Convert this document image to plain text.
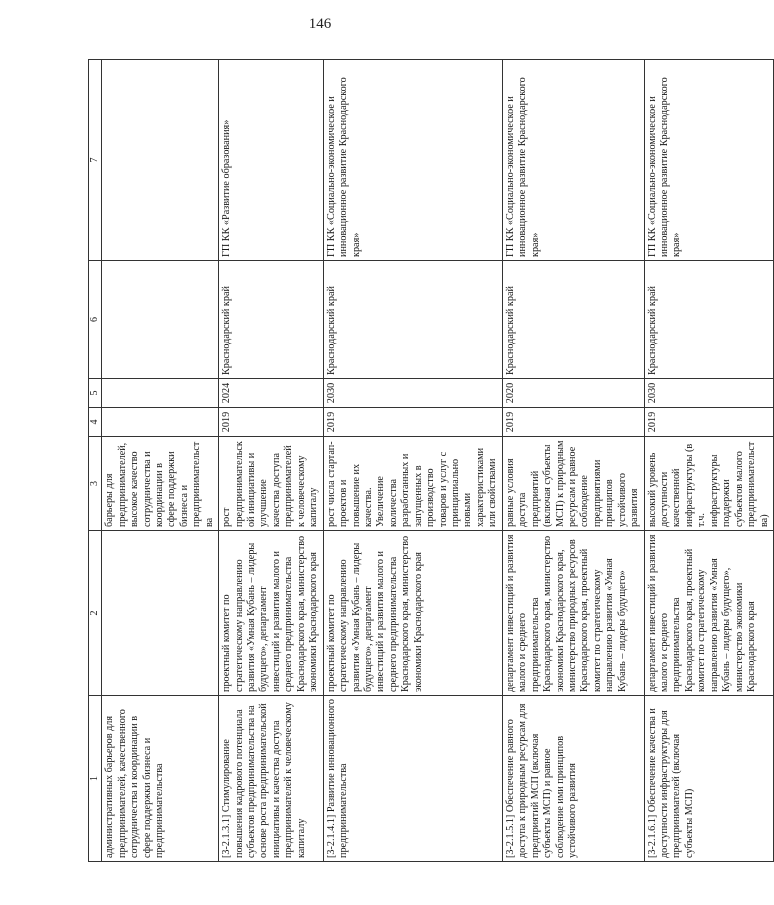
146
1	2	3	4	5	6	7
административных барьеров для предпринимателей, качественного сотрудничества и координации в сфере поддержки бизнеса и предпринимательства		барьеры для предпринимателей, высокое качество сотрудничества и координации в сфере поддержки бизнеса и предпринимательства				
[3-2.1.3.1] Стимулирование повышения кадрового потенциала субъектов предпринимательства на основе роста предпринимательской инициативы и качества доступа предпринимателей к человеческому капиталу	проектный комитет по стратегическому направлению развития «Умная Кубань – лидеры будущего», департамент инвестиций и развития малого и среднего предпринимательства Краснодарского края, министерство экономики Краснодарского края	рост предпринимательской инициативы и улучшение качества доступа предпринимателей к человеческому капиталу	2019	2024	Краснодарский край	ГП КК «Развитие образования»
[3-2.1.4.1] Развитие инновационного предпринимательства	проектный комитет по стратегическому направлению развития «Умная Кубань – лидеры будущего», департамент инвестиций и развития малого и среднего предпринимательства Краснодарского края, министерство экономики Краснодарского края	рост числа стартап-проектов и повышение их качества. Увеличение количества разработанных и запущенных в производство товаров и услуг с принципиально новыми характеристиками или свойствами	2019	2030	Краснодарский край	ГП КК «Социально-экономическое и инновационное развитие Краснодарского края»
[3-2.1.5.1] Обеспечение равного доступа к природным ресурсам для предприятий МСП (включая субъекты МСП) и равное соблюдение ими принципов устойчивого развития	департамент инвестиций и развития малого и среднего предпринимательства Краснодарского края, министерство экономики Краснодарского края, министерство природных ресурсов Краснодарского края, проектный комитет по стратегическому направлению развития «Умная Кубань – лидеры будущего»	равные условия доступа предприятий (включая субъекты МСП) к природным ресурсам и равное соблюдение предприятиями принципов устойчивого развития	2019	2020	Краснодарский край	ГП КК «Социально-экономическое и инновационное развитие Краснодарского края»
[3-2.1.6.1] Обеспечение качества и доступности инфраструктуры для предпринимателей (включая субъекты МСП)	департамент инвестиций и развития малого и среднего предпринимательства Краснодарского края, проектный комитет по стратегическому направлению развития «Умная Кубань – лидеры будущего», министерство экономики Краснодарского края	высокий уровень доступности качественной инфраструктуры (в т.ч. инфраструктуры поддержки субъектов малого предпринимательства)	2019	2030	Краснодарский край	ГП КК «Социально-экономическое и инновационное развитие Краснодарского края»
